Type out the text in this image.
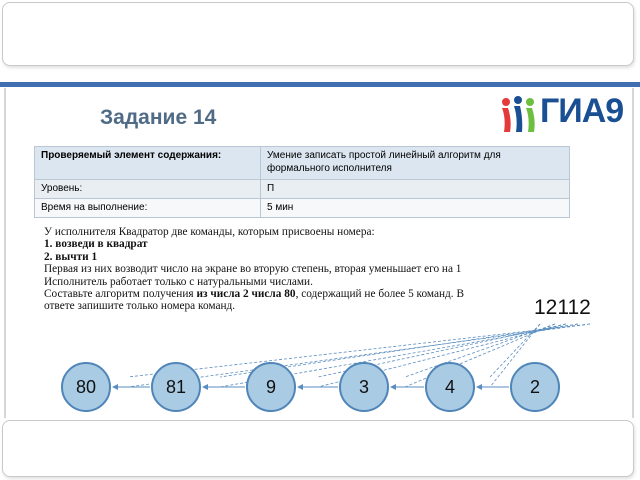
Задание 14	ГИА9
Проверяемый элемент содержания:	Умение записать простой линейный алгоритм для формального исполнителя
Уровень:	П
Время на выполнение:	5 мин
У исполнителя Квадратор две команды, которым присвоены номера:
1. возведи в квадрат
2. вычти 1
Первая из них возводит число на экране во вторую степень, вторая уменьшает его на 1
Исполнитель работает только с натуральными числами.
Составьте алгоритм получения из числа 2 числа 80, содержащий не более 5 команд. В ответе запишите только номера команд.	12112
80	81	9	3	4	2
